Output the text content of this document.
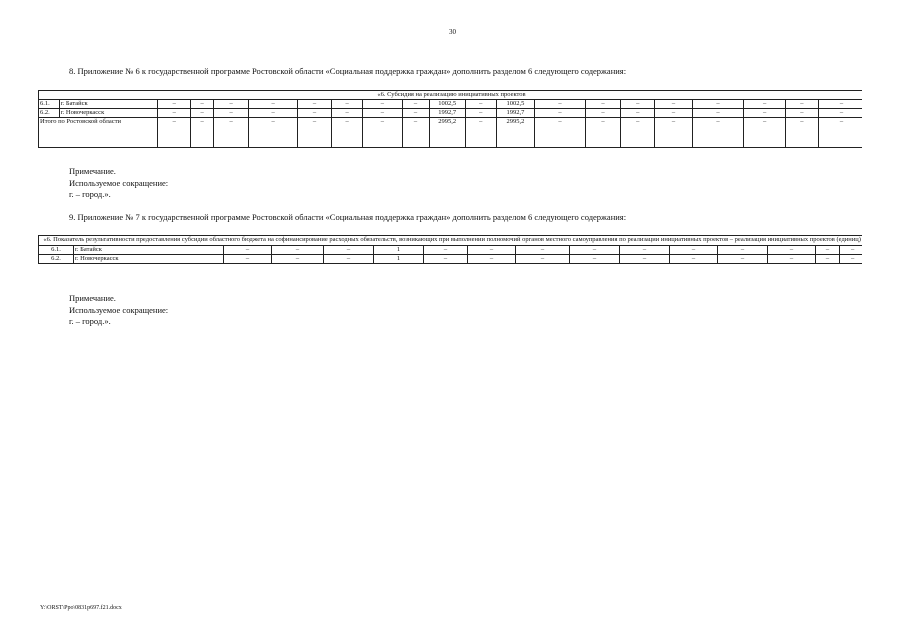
30
8. Приложение № 6 к государственной программе Ростовской области «Социальная поддержка граждан» дополнить разделом 6 следующего содержания:
«6. Субсидия на реализацию инициативных проектов																				
6.1.	г. Батайск	–	–	–	–	–	–	–	–	1002,5	–	1002,5	–	–	–	–	–	–	–	–
6.2.	г. Новочеркасск	–	–	–	–	–	–	–	–	1992,7	–	1992,7	–	–	–	–	–	–	–	–
Итого по Ростовской области		–	–	–	–	–	–	–	–	2995,2	–	2995,2	–	–	–	–	–	–	–	–
Примечание.
Используемое сокращение:
г. – город.».
9. Приложение № 7 к государственной программе Ростовской области «Социальная поддержка граждан» дополнить разделом 6 следующего содержания:
«6. Показатель результативности предоставления субсидии областного бюджета на софинансирование расходных обязательств, возникающих при выполнении полномочий органов местного самоуправления по реализации инициативных проектов – реализация инициативных проектов (единиц)															
6.1.	г. Батайск	–	–	–	1	–	–	–	–	–	–	–	–	–	–
6.2.	г. Новочеркасск	–	–	–	1	–	–	–	–	–	–	–	–	–	–
Примечание.
Используемое сокращение:
г. – город.».
Y:\ORST\Ppo\0831p697.f21.docx
